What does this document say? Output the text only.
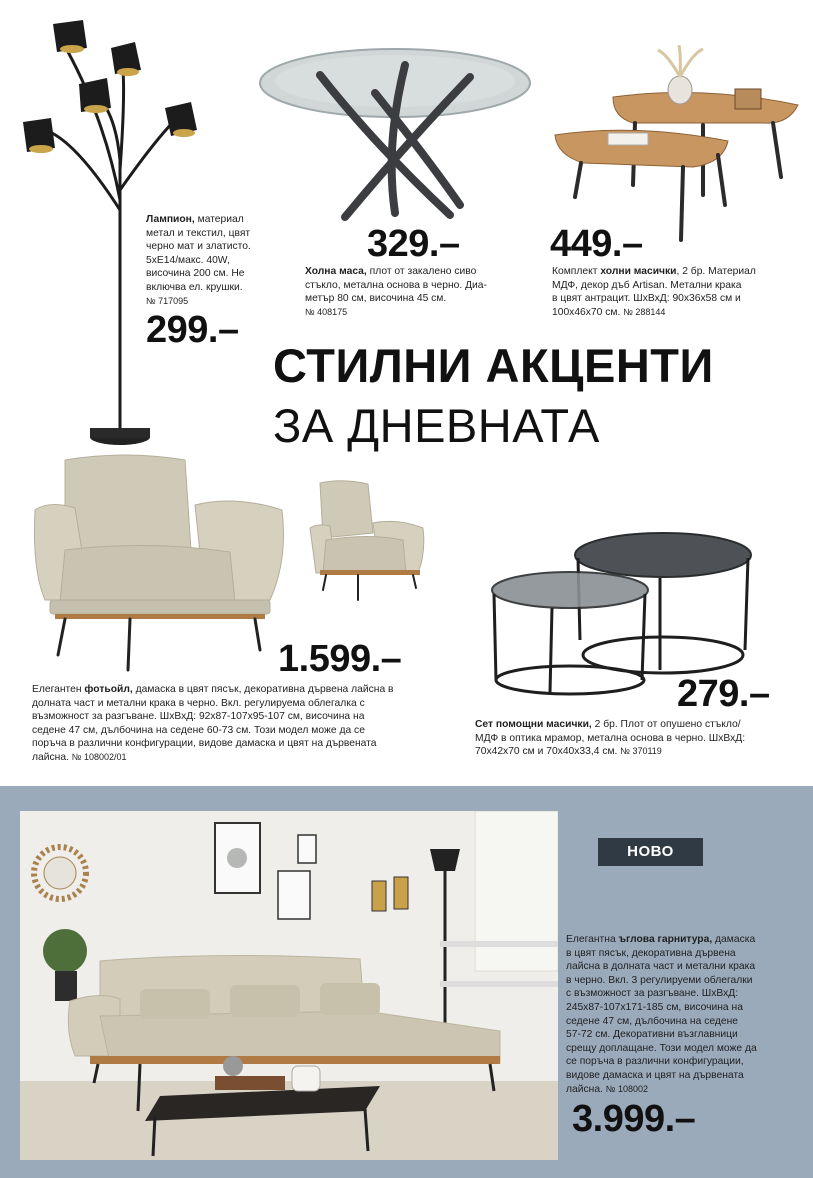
Лампион, материал
метал и текстил, цвят
черно мат и златисто.
5xE14/макс. 40W,
височина 200 см. Не
включва ел. крушки.
№ 717095
299.–
329.–
Холна маса, плот от закалено сиво
стъкло, метална основа в черно. Диа-
метър 80 см, височина 45 см.
№ 408175
449.–
Комплект холни масички, 2 бр. Материал
МДФ, декор дъб Artisan. Метални крака
в цвят антрацит. ШхВхД: 90x36x58 см и
100x46x70 см. № 288144
СТИЛНИ АКЦЕНТИ
ЗА ДНЕВНАТА
1.599.–
Елегантен фотьойл, дамаска в цвят пясък, декоративна дървена лайсна в
долната част и метални крака в черно. Вкл. регулируема облегалка с
възможност за разгъване. ШхВхД: 92x87-107x95-107 см, височина на
седене 47 см, дълбочина на седене 60-73 см. Този модел може да се
поръча в различни конфигурации, видове дамаска и цвят на дървената
лайсна. № 108002/01
279.–
Сет помощни масички, 2 бр. Плот от опушено стъкло/
МДФ в оптика мрамор, метална основа в черно. ШхВхД:
70x42x70 см и 70x40x33,4 см. № 370119
НОВО
Елегантна ъглова гарнитура, дамаска
в цвят пясък, декоративна дървена
лайсна в долната част и метални крака
в черно. Вкл. 3 регулируеми облегалки
с възможност за разгъване. ШхВхД:
245x87-107x171-185 см, височина на
седене 47 см, дълбочина на седене
57-72 см. Декоративни възглавници
срещу доплащане. Този модел може да
се поръча в различни конфигурации,
видове дамаска и цвят на дървената
лайсна. № 108002
3.999.–
